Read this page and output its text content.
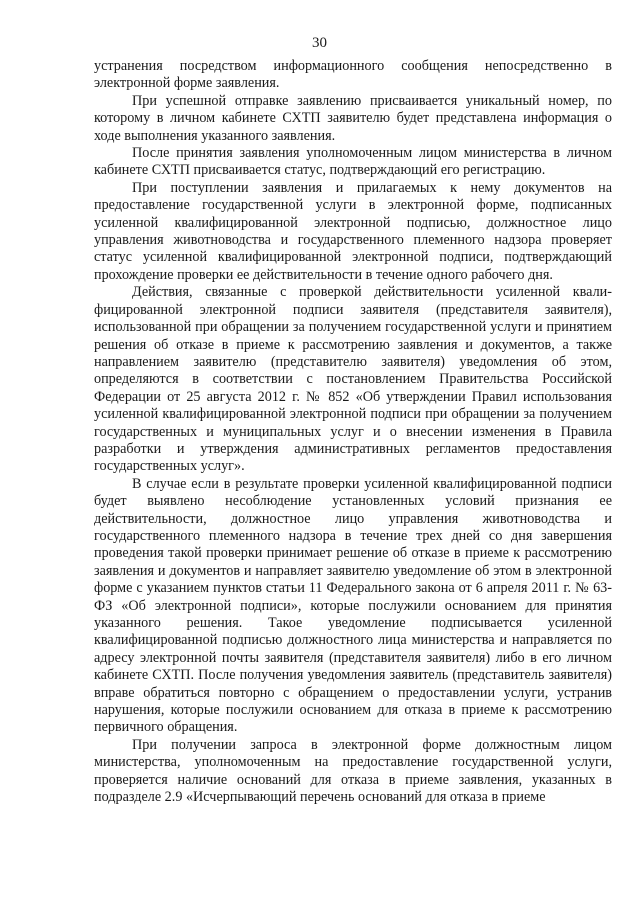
30

устранения посредством информационного сообщения непосредственно в электронной форме заявления.

При успешной отправке заявлению присваивается уникальный номер, по которому в личном кабинете СХТП заявителю будет представлена информация о ходе выполнения указанного заявления.

После принятия заявления уполномоченным лицом министерства в личном кабинете СХТП присваивается статус, подтверждающий его регистрацию.

При поступлении заявления и прилагаемых к нему документов на предоставление государственной услуги в электронной форме, подписанных усиленной квалифицированной электронной подписью, должностное лицо управления животноводства и государственного племенного надзора проверяет статус усиленной квалифицированной электронной подписи, подтверждающий прохождение проверки ее действительности в течение одного рабочего дня.

Действия, связанные с проверкой действительности усиленной квалифицированной электронной подписи заявителя (представителя заявителя), использованной при обращении за получением государственной услуги и принятием решения об отказе в приеме к рассмотрению заявления и документов, а также направлением заявителю (представителю заявителя) уведомления об этом, определяются в соответствии с постановлением Правительства Российской Федерации от 25 августа 2012 г. № 852 «Об утверждении Правил использования усиленной квалифицированной электронной подписи при обращении за получением государственных и муниципальных услуг и о внесении изменения в Правила разработки и утверждения административных регламентов предоставления государственных услуг».

В случае если в результате проверки усиленной квалифицированной подписи будет выявлено несоблюдение установленных условий признания ее действительности, должностное лицо управления животноводства и государственного племенного надзора в течение трех дней со дня завершения проведения такой проверки принимает решение об отказе в приеме к рассмотрению заявления и документов и направляет заявителю уведомление об этом в электронной форме с указанием пунктов статьи 11 Федерального закона от 6 апреля 2011 г. № 63-ФЗ «Об электронной подписи», которые послужили основанием для принятия указанного решения. Такое уведомление подписывается усиленной квалифицированной подписью должностного лица министерства и направляется по адресу электронной почты заявителя (представителя заявителя) либо в его личном кабинете СХТП. После получения уведомления заявитель (представитель заявителя) вправе обратиться повторно с обращением о предоставлении услуги, устранив нарушения, которые послужили основанием для отказа в приеме к рассмотрению первичного обращения.

При получении запроса в электронной форме должностным лицом министерства, уполномоченным на предоставление государственной услуги, проверяется наличие оснований для отказа в приеме заявления, указанных в подразделе 2.9 «Исчерпывающий перечень оснований для отказа в приеме
